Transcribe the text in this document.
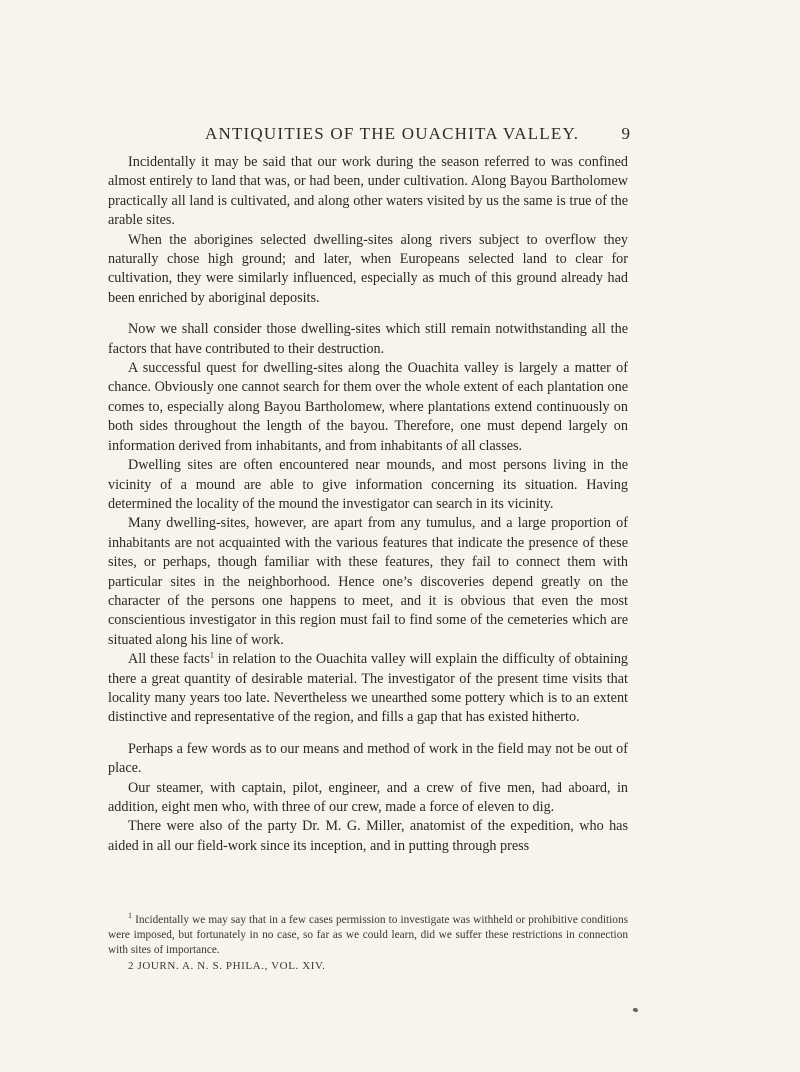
ANTIQUITIES OF THE OUACHITA VALLEY.	9

Incidentally it may be said that our work during the season referred to was confined almost entirely to land that was, or had been, under cultivation. Along Bayou Bartholomew practically all land is cultivated, and along other waters visited by us the same is true of the arable sites.

When the aborigines selected dwelling-sites along rivers subject to overflow they naturally chose high ground; and later, when Europeans selected land to clear for cultivation, they were similarly influenced, especially as much of this ground already had been enriched by aboriginal deposits.

Now we shall consider those dwelling-sites which still remain notwithstanding all the factors that have contributed to their destruction.

A successful quest for dwelling-sites along the Ouachita valley is largely a matter of chance. Obviously one cannot search for them over the whole extent of each plantation one comes to, especially along Bayou Bartholomew, where plantations extend continuously on both sides throughout the length of the bayou. Therefore, one must depend largely on information derived from inhabitants, and from inhabitants of all classes.

Dwelling sites are often encountered near mounds, and most persons living in the vicinity of a mound are able to give information concerning its situation. Having determined the locality of the mound the investigator can search in its vicinity.

Many dwelling-sites, however, are apart from any tumulus, and a large proportion of inhabitants are not acquainted with the various features that indicate the presence of these sites, or perhaps, though familiar with these features, they fail to connect them with particular sites in the neighborhood. Hence one’s discoveries depend greatly on the character of the persons one happens to meet, and it is obvious that even the most conscientious investigator in this region must fail to find some of the cemeteries which are situated along his line of work.

All these facts$^1$ in relation to the Ouachita valley will explain the difficulty of obtaining there a great quantity of desirable material. The investigator of the present time visits that locality many years too late. Nevertheless we unearthed some pottery which is to an extent distinctive and representative of the region, and fills a gap that has existed hitherto.

Perhaps a few words as to our means and method of work in the field may not be out of place.

Our steamer, with captain, pilot, engineer, and a crew of five men, had aboard, in addition, eight men who, with three of our crew, made a force of eleven to dig.

There were also of the party Dr. M. G. Miller, anatomist of the expedition, who has aided in all our field-work since its inception, and in putting through press

$^1$ Incidentally we may say that in a few cases permission to investigate was withheld or prohibitive conditions were imposed, but fortunately in no case, so far as we could learn, did we suffer these restrictions in connection with sites of importance.

2 JOURN. A. N. S. PHILA., VOL. XIV.
